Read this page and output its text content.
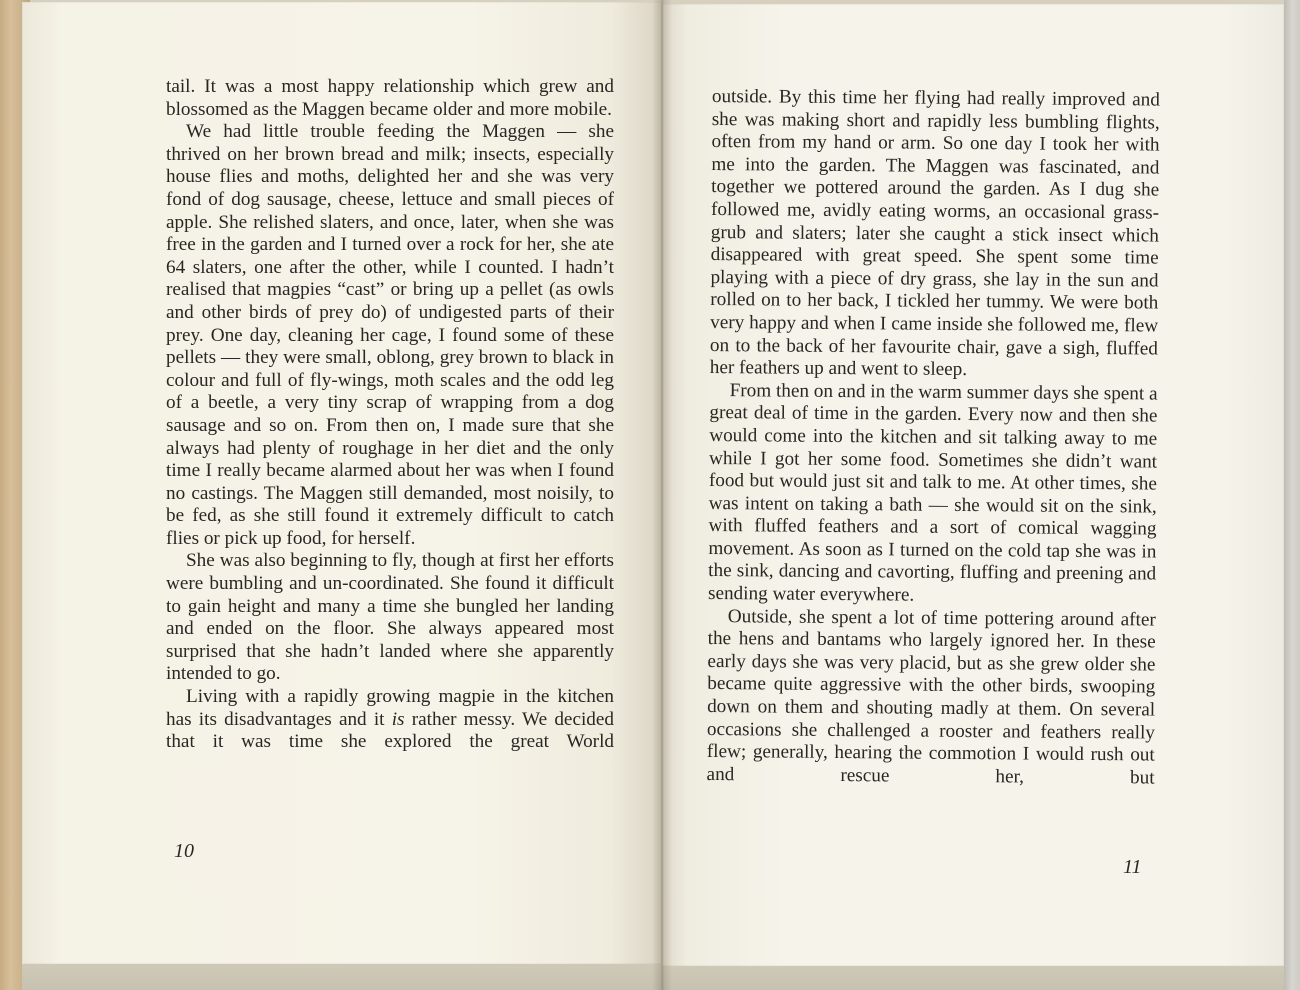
tail. It was a most happy relationship which grew and blossomed as the Maggen became older and more mobile.

We had little trouble feeding the Maggen — she thrived on her brown bread and milk; insects, especially house flies and moths, delighted her and she was very fond of dog sausage, cheese, lettuce and small pieces of apple. She relished slaters, and once, later, when she was free in the garden and I turned over a rock for her, she ate 64 slaters, one after the other, while I counted. I hadn’t realised that magpies “cast” or bring up a pellet (as owls and other birds of prey do) of undigested parts of their prey. One day, cleaning her cage, I found some of these pellets — they were small, oblong, grey brown to black in colour and full of fly-wings, moth scales and the odd leg of a beetle, a very tiny scrap of wrapping from a dog sausage and so on. From then on, I made sure that she always had plenty of roughage in her diet and the only time I really became alarmed about her was when I found no castings. The Maggen still demanded, most noisily, to be fed, as she still found it extremely difficult to catch flies or pick up food, for herself.

She was also beginning to fly, though at first her efforts were bumbling and un-coordinated. She found it difficult to gain height and many a time she bungled her landing and ended on the floor. She always appeared most surprised that she hadn’t landed where she apparently intended to go.

Living with a rapidly growing magpie in the kitchen has its disadvantages and it is rather messy. We decided that it was time she explored the great World

10

outside. By this time her flying had really improved and she was making short and rapidly less bumbling flights, often from my hand or arm. So one day I took her with me into the garden. The Maggen was fascinated, and together we pottered around the garden. As I dug she followed me, avidly eating worms, an occasional grass-grub and slaters; later she caught a stick insect which disappeared with great speed. She spent some time playing with a piece of dry grass, she lay in the sun and rolled on to her back, I tickled her tummy. We were both very happy and when I came inside she followed me, flew on to the back of her favourite chair, gave a sigh, fluffed her feathers up and went to sleep.

From then on and in the warm summer days she spent a great deal of time in the garden. Every now and then she would come into the kitchen and sit talking away to me while I got her some food. Sometimes she didn’t want food but would just sit and talk to me. At other times, she was intent on taking a bath — she would sit on the sink, with fluffed feathers and a sort of comical wagging movement. As soon as I turned on the cold tap she was in the sink, dancing and cavorting, fluffing and preening and sending water everywhere.

Outside, she spent a lot of time pottering around after the hens and bantams who largely ignored her. In these early days she was very placid, but as she grew older she became quite aggressive with the other birds, swooping down on them and shouting madly at them. On several occasions she challenged a rooster and feathers really flew; generally, hearing the commotion I would rush out and rescue her, but

11
